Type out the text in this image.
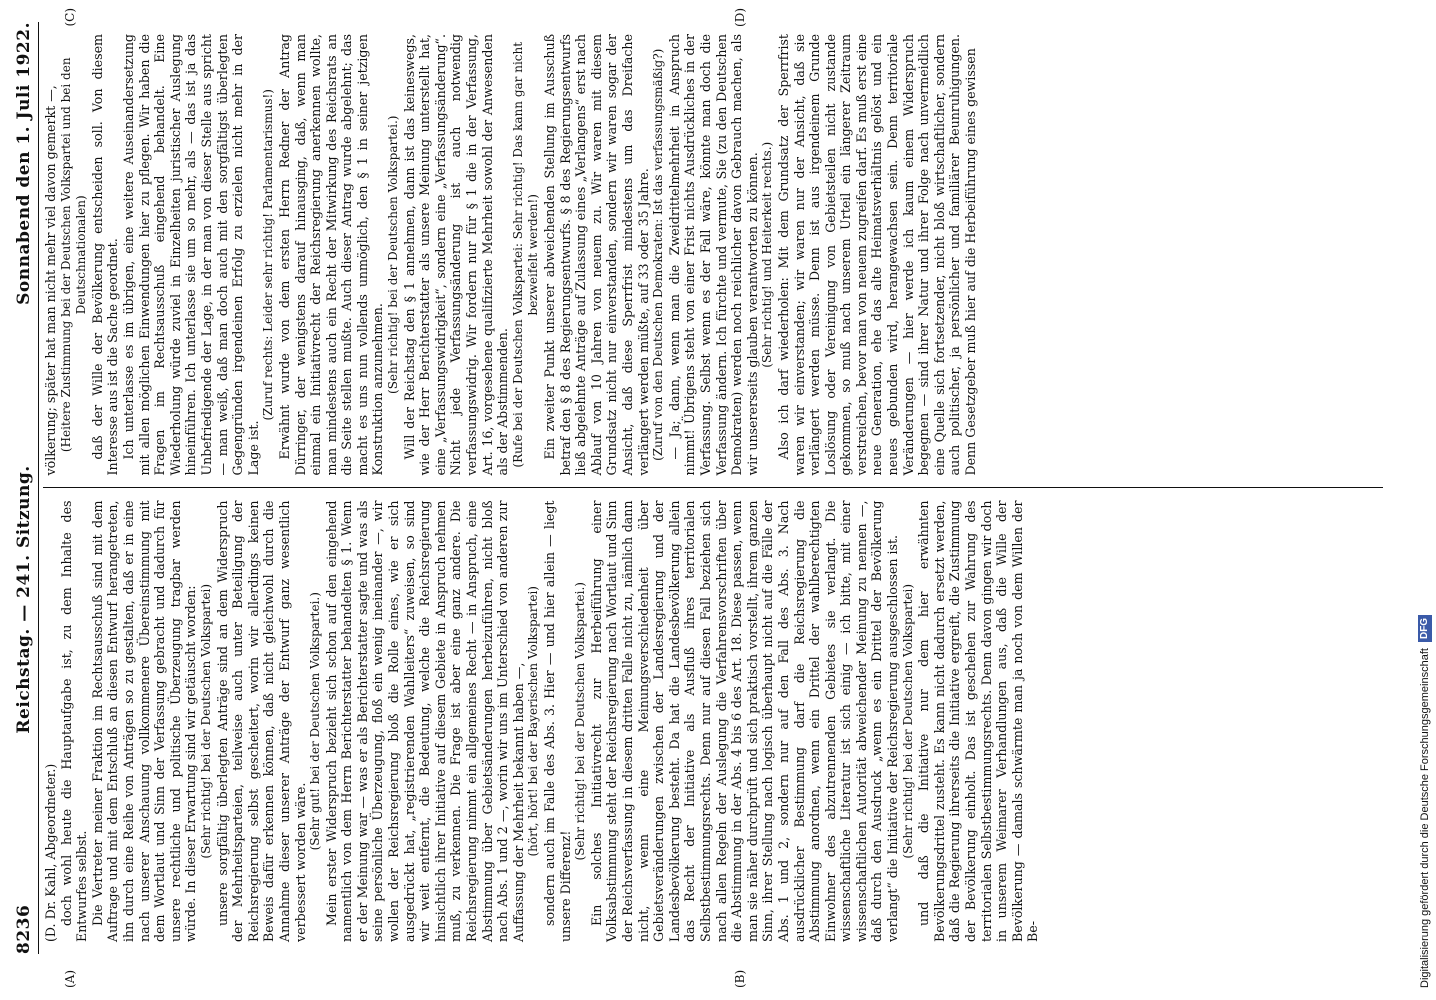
8236
Reichstag. — 241. Sitzung.
Sonnabend den 1. Juli 1922.
(A)	(B)

(D. Dr. Kahl, Abgeordneter.) doch wohl heute die Hauptaufgabe ist, zu dem Inhalte des Entwurfes selbst. Die Vertreter meiner Fraktion im Rechtsausschuß sind mit dem Auftrage und mit dem Entschluß an diesen Entwurf herangetreten, ihn durch eine Reihe von Anträgen so zu gestalten, daß er in eine nach unserer Anschauung vollkommenere Übereinstimmung mit dem Wortlaut und Sinn der Verfassung gebracht und dadurch für unsere rechtliche und politische Überzeugung tragbar werden würde. In dieser Erwartung sind wir getäuscht worden: (Sehr richtig! bei der Deutschen Volkspartei) unsere sorgfältig überlegten Anträge sind an dem Widerspruch der Mehrheitsparteien, teilweise auch unter Beteiligung der Reichsregierung selbst gescheitert, worin wir allerdings keinen Beweis dafür erkennen können, daß nicht gleichwohl durch die Annahme dieser unserer Anträge der Entwurf ganz wesentlich verbessert worden wäre.

(Sehr gut! bei der Deutschen Volkspartei.) Mein erster Widerspruch bezieht sich schon auf den eingehend namentlich von dem Herrn Berichterstatter behandelten § 1. Wenn er der Meinung war — was er als Berichterstatter sagte und was als seine persönliche Überzeugung, floß ein wenig ineinander —, wir wollen der Reichsregierung bloß die Rolle eines, wie er sich ausgedrückt hat, „registrierenden Wahlleiters“ zuweisen, so sind wir weit entfernt, die Bedeutung, welche die Reichsregierung hinsichtlich ihrer Initiative auf diesem Gebiete in Anspruch nehmen muß, zu verkennen. Die Frage ist aber eine ganz andere. Die Reichsregierung nimmt ein allgemeines Recht — in Anspruch, eine Abstimmung über Gebietsänderungen herbeizuführen, nicht bloß nach Abs. 1 und 2 —, worin wir uns im Unterschied von anderen zur Auffassung der Mehrheit bekannt haben —, (hört, hört! bei der Bayerischen Volkspartei) sondern auch im Falle des Abs. 3. Hier — und hier allein — liegt unsere Differenz!

(Sehr richtig! bei der Deutschen Volkspartei.) Ein solches Initiativrecht zur Herbeiführung einer Volksabstimmung steht der Reichsregierung nach Wortlaut und Sinn der Reichsverfassung in diesem dritten Falle nicht zu, nämlich dann nicht, wenn eine Meinungsverschiedenheit über Gebietsveränderungen zwischen der Landesregierung und der Landesbevölkerung besteht. Da hat die Landesbevölkerung allein das Recht der Initiative als Ausfluß ihres territorialen Selbstbestimmungsrechts. Denn nur auf diesen Fall beziehen sich nach allen Regeln der Auslegung die Verfahrensvorschriften über die Abstimmung in der Abs. 4 bis 6 des Art. 18. Diese passen, wenn man sie näher durchprüft und sich praktisch vorstellt, ihrem ganzen Sinn, ihrer Stellung nach logisch überhaupt nicht auf die Fälle der Abs. 1 und 2, sondern nur auf den Fall des Abs. 3. Nach ausdrücklicher Bestimmung darf die Reichsregierung die Abstimmung anordnen, wenn ein Drittel der wahlberechtigten Einwohner des abzutrennenden Gebietes sie verlangt. Die wissenschaftliche Literatur ist sich einig — ich bitte, mit einer wissenschaftlichen Autorität abweichender Meinung zu nennen —, daß durch den Ausdruck „wenn es ein Drittel der Bevölkerung verlangt“ die Initiative der Reichsregierung ausgeschlossen ist. (Sehr richtig! bei der Deutschen Volkspartei) und daß die Initiative nur dem hier erwähnten Bevölkerungsdrittel zusteht. Es kann nicht dadurch ersetzt werden, daß die Regierung ihrerseits die Initiative ergreift, die Zustimmung der Bevölkerung einholt. Das ist geschehen zur Wahrung des territorialen Selbstbestimmungsrechts. Denn davon gingen wir doch in unserem Weimarer Verhandlungen aus, daß die Wille der Bevölkerung — damals schwärmte man ja noch von dem Willen der Be-

(C)	(D)

völkerung; später hat man nicht mehr viel davon gemerkt —, (Heitere Zustimmung bei der Deutschen Volkspartei und bei den Deutschnationalen) daß der Wille der Bevölkerung entscheiden soll. Von diesem Interesse aus ist die Sache geordnet. Ich unterlasse es im übrigen, eine weitere Auseinandersetzung mit allen möglichen Einwendungen hier zu pflegen. Wir haben die Fragen im Rechtsausschuß eingehend behandelt. Eine Wiederholung würde zuviel in Einzelheiten juristischer Auslegung hineinführen. Ich unterlasse sie um so mehr, als — das ist ja das Unbefriedigende der Lage, in der man von dieser Stelle aus spricht — man weiß, daß man doch auch mit den sorgfältigst überlegten Gegengründen irgendeinen Erfolg zu erzielen nicht mehr in der Lage ist.

(Zuruf rechts: Leider sehr richtig! Parlamentarismus!) Erwähnt wurde von dem ersten Herrn Redner der Antrag Dürringer, der wenigstens darauf hinausging, daß, wenn man einmal ein Initiativrecht der Reichsregierung anerkennen wollte, man mindestens auch ein Recht der Mitwirkung des Reichsrats an die Seite stellen mußte. Auch dieser Antrag wurde abgelehnt; das macht es uns nun vollends unmöglich, den § 1 in seiner jetzigen Konstruktion anzunehmen. (Sehr richtig! bei der Deutschen Volkspartei.) Will der Reichstag den § 1 annehmen, dann ist das keineswegs, wie der Herr Berichterstatter als unsere Meinung unterstellt hat, eine „Verfassungswidrigkeit“, sondern eine „Verfassungsänderung“. Nicht jede Verfassungsänderung ist auch notwendig verfassungswidrig. Wir fordern nur für § 1 die in der Verfassung, Art. 16, vorgesehene qualifizierte Mehrheit sowohl der Anwesenden als der Abstimmenden. (Rufe bei der Deutschen Volkspartei: Sehr richtig! Das kann gar nicht bezweifelt werden!) Ein zweiter Punkt unserer abweichenden Stellung im Ausschuß betraf den § 8 des Regierungsentwurfs. § 8 des Regierungsentwurfs ließ abgelehnte Anträge auf Zulassung eines „Verlangens“ erst nach Ablauf von 10 Jahren von neuem zu. Wir waren mit diesem Grundsatz nicht nur einverstanden, sondern wir waren sogar der Ansicht, daß diese Sperrfrist mindestens um das Dreifache verlängert werden müßte, auf 33 oder 35 Jahre. (Zuruf von den Deutschen Demokraten: Ist das verfassungsmäßig?) — Ja; dann, wenn man die Zweidrittelmehrheit in Anspruch nimmt! Übrigens steht von einer Frist nichts Ausdrückliches in der Verfassung. Selbst wenn es der Fall wäre, könnte man doch die Verfassung ändern. Ich fürchte und vermute, Sie (zu den Deutschen Demokraten) werden noch reichlicher davon Gebrauch machen, als wir unsererseits glauben verantworten zu können. (Sehr richtig! und Heiterkeit rechts.) Also ich darf wiederholen: Mit dem Grundsatz der Sperrfrist waren wir einverstanden; wir waren nur der Ansicht, daß sie verlängert werden müsse. Denn ist aus irgendeinem Grunde Loslösung oder Vereinigung von Gebietsteilen nicht zustande gekommen, so muß nach unserem Urteil ein längerer Zeitraum verstreichen, bevor man von neuem zugreifen darf. Es muß erst eine neue Generation, ehe das alte Heimatsverhältnis gelöst und ein neues gebunden wird, herangewachsen sein. Denn territoriale Veränderungen — hier werde ich kaum einem Widerspruch begegnen — sind ihrer Natur und ihrer Folge nach unvermeidlich eine Quelle sich fortsetzender, nicht bloß wirtschaftlicher, sondern auch politischer, ja persönlicher und familiärer Beunruhigungen. Denn Gesetzgeber muß hier auf die Herbeiführung eines gewissen

Digitalisierung gefördert durch die Deutsche Forschungsgemeinschaft
DFG
